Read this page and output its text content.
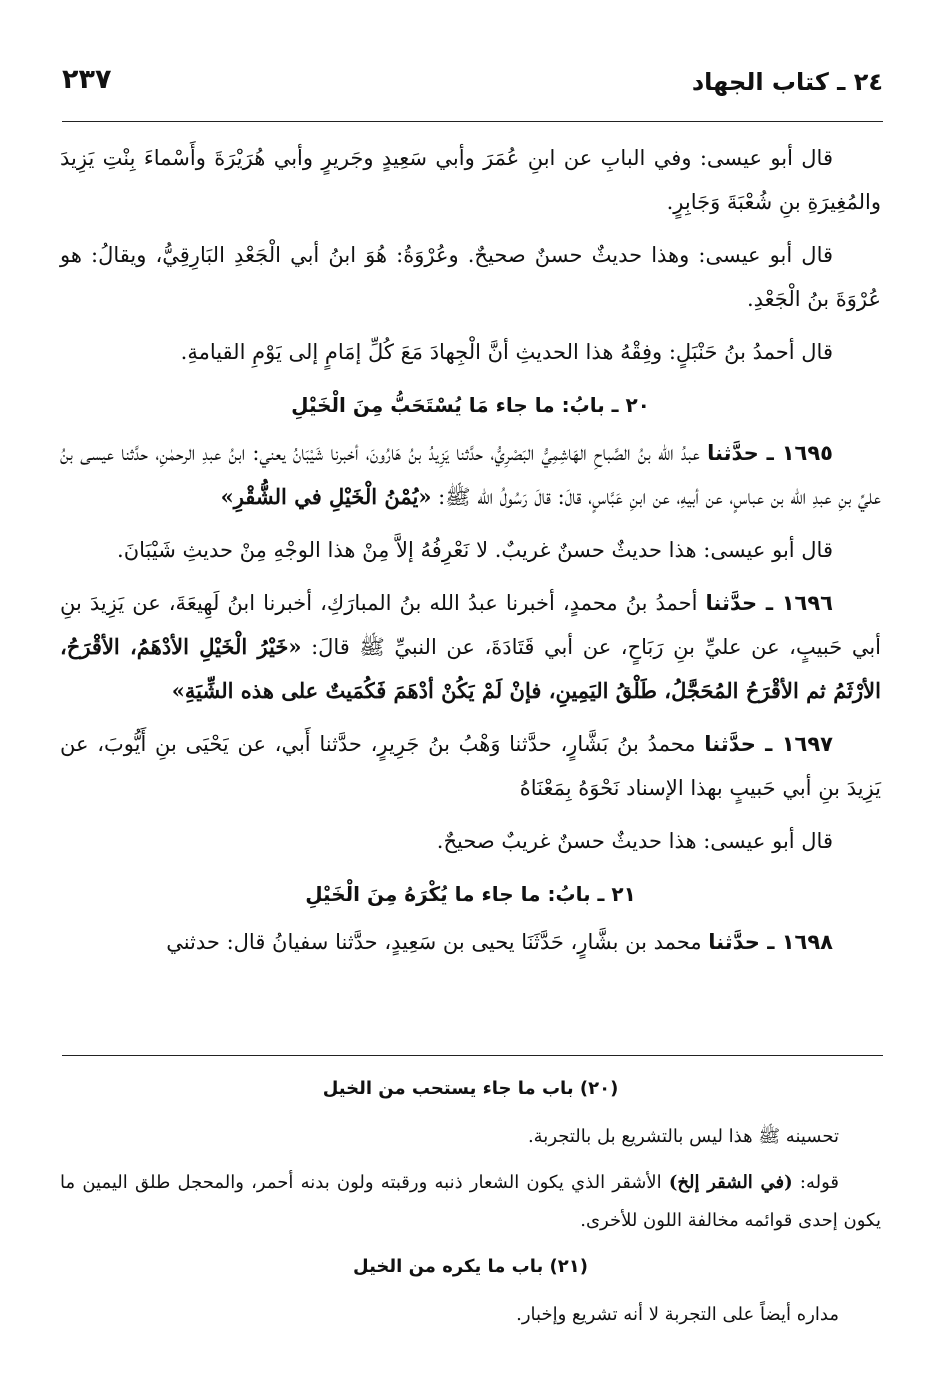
٢٤ ـ كتاب الجهاد
٢٣٧

قال أبو عيسى: وفي البابِ عن ابنِ عُمَرَ وأبي سَعِيدٍ وجَريرٍ وأبي هُرَيْرَةَ وأَسْماءَ بِنْتِ يَزِيدَ والمُغِيرَةِ بنِ شُعْبَةَ وَجَابِرٍ.

قال أبو عيسى: وهذا حديثٌ حسنٌ صحيحٌ. وعُرْوَةُ: هُوَ ابنُ أبي الْجَعْدِ البَارِقِيُّ، ويقالُ: هو عُرْوَةَ بنُ الْجَعْدِ.

قال أحمدُ بنُ حَنْبَلٍ: وفِقْهُ هذا الحديثِ أنَّ الْجِهادَ مَعَ كُلِّ إمَامٍ إلى يَوْمِ القيامةِ.

٢٠ ـ بابُ: ما جاء مَا يُسْتَحَبُّ مِنَ الْخَيْلِ

١٦٩٥ ـ حدَّثنا عبدُ الله بنُ الصَّباحِ الهَاشِمِيُّ البَصْرِيُّ، حدَّثنا يَزِيدُ بنُ هَارُونَ، أخبرنا شَيْبَانُ يعني: ابنُ عبدِ الرحمٰنِ، حدَّثنا عيسى بنُ عليِّ بنِ عبدِ الله بن عباسٍ، عن أبيهِ، عن ابنِ عَبَّاسٍ، قالَ: قالَ رَسُولُ الله ﷺ: «يُمْنُ الْخَيْلِ في الشُّقْرِ»

قال أبو عيسى: هذا حديثٌ حسنٌ غريبٌ. لا نَعْرِفُهُ إلاَّ مِنْ هذا الوجْهِ مِنْ حديثِ شَيْبَانَ.

١٦٩٦ ـ حدَّثنا أحمدُ بنُ محمدٍ، أخبرنا عبدُ الله بنُ المبارَكِ، أخبرنا ابنُ لَهِيعَةَ، عن يَزِيدَ بنِ أبي حَبيبٍ، عن عليِّ بنِ رَبَاحٍ، عن أبي قَتَادَةَ، عن النبيِّ ﷺ قالَ: «خَيْرُ الْخَيْلِ الأدْهَمُ، الأقْرَحُ، الأرْثَمُ ثم الأقْرَحُ المُحَجَّلُ، طَلْقُ اليَمِينِ، فإنْ لَمْ يَكُنْ أدْهَمَ فَكُمَيتٌ على هذه الشِّيَةِ»

١٦٩٧ ـ حدَّثنا محمدُ بنُ بَشَّارٍ، حدَّثنا وَهْبُ بنُ جَرِيرٍ، حدَّثنا أَبي، عن يَحْيَى بنِ أَيُّوبَ، عن يَزِيدَ بنِ أبي حَبيبٍ بهذا الإسناد نَحْوَهُ بِمَعْنَاهُ

قال أبو عيسى: هذا حديثٌ حسنٌ غريبٌ صحيحٌ.

٢١ ـ بابُ: ما جاء ما يُكْرَهُ مِنَ الْخَيْلِ

١٦٩٨ ـ حدَّثنا محمد بن بشَّارٍ، حَدَّثَنَا يحيى بن سَعِيدٍ، حدَّثنا سفيانُ قال: حدثني

(٢٠) باب ما جاء يستحب من الخيل

تحسينه ﷺ هذا ليس بالتشريع بل بالتجربة.

قوله: (في الشقر إلخ) الأشقر الذي يكون الشعار ذنبه ورقبته ولون بدنه أحمر، والمحجل طلق اليمين ما يكون إحدى قوائمه مخالفة اللون للأخرى.

(٢١) باب ما يكره من الخيل

مداره أيضاً على التجربة لا أنه تشريع وإخبار.
